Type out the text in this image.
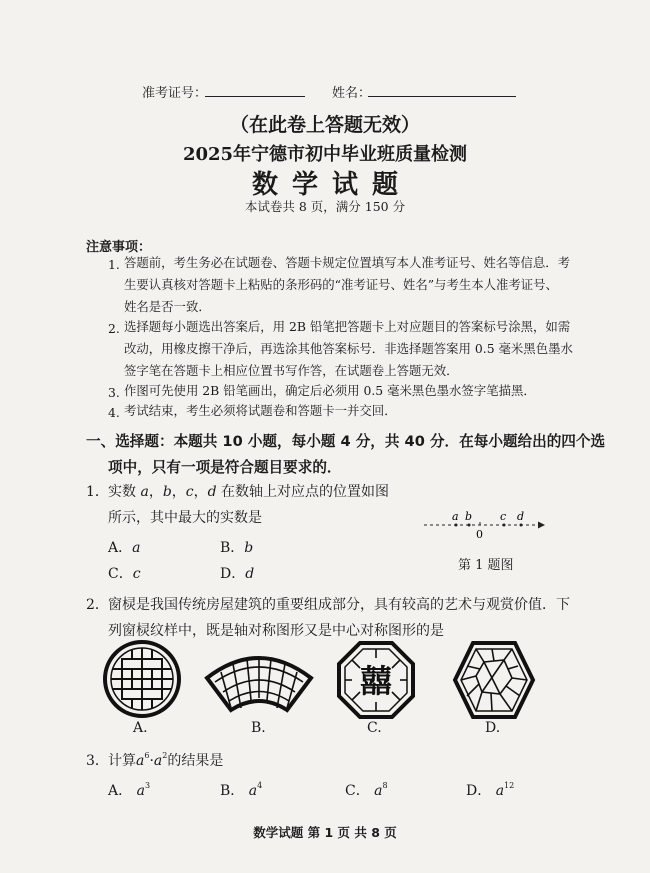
准考证号：	姓名：
（在此卷上答题无效）
2025年宁德市初中毕业班质量检测
数学试题
本试卷共 8 页，满分 150 分
注意事项：
1. 答题前，考生务必在试题卷、答题卡规定位置填写本人准考证号、姓名等信息．考
生要认真核对答题卡上粘贴的条形码的“准考证号、姓名”与考生本人准考证号、
姓名是否一致．
2. 选择题每小题选出答案后，用 2B 铅笔把答题卡上对应题目的答案标号涂黑，如需
改动，用橡皮擦干净后，再选涂其他答案标号．非选择题答案用 0.5 毫米黑色墨水
签字笔在答题卡上相应位置书写作答，在试题卷上答题无效．
3. 作图可先使用 2B 铅笔画出，确定后必须用 0.5 毫米黑色墨水签字笔描黑．
4. 考试结束，考生必须将试题卷和答题卡一并交回．
一、选择题：本题共 10 小题，每小题 4 分，共 40 分．在每小题给出的四个选
项中，只有一项是符合题目要求的．
1． 实数 a，b，c，d 在数轴上对应点的位置如图
所示，其中最大的实数是
A．a	B．b
C．c	D．d
a b
0
c d
第 1 题图
2． 窗棂是我国传统房屋建筑的重要组成部分，具有较高的艺术与观赏价值．下
列窗棂纹样中，既是轴对称图形又是中心对称图形的是
囍
A.	B.	C.	D.
3． 计算$a^6\cdot a^2$的结果是
A． $a^3$	B． $a^4$	C． $a^8$	D． $a^{12}$
数学试题 第 1 页 共 8 页
